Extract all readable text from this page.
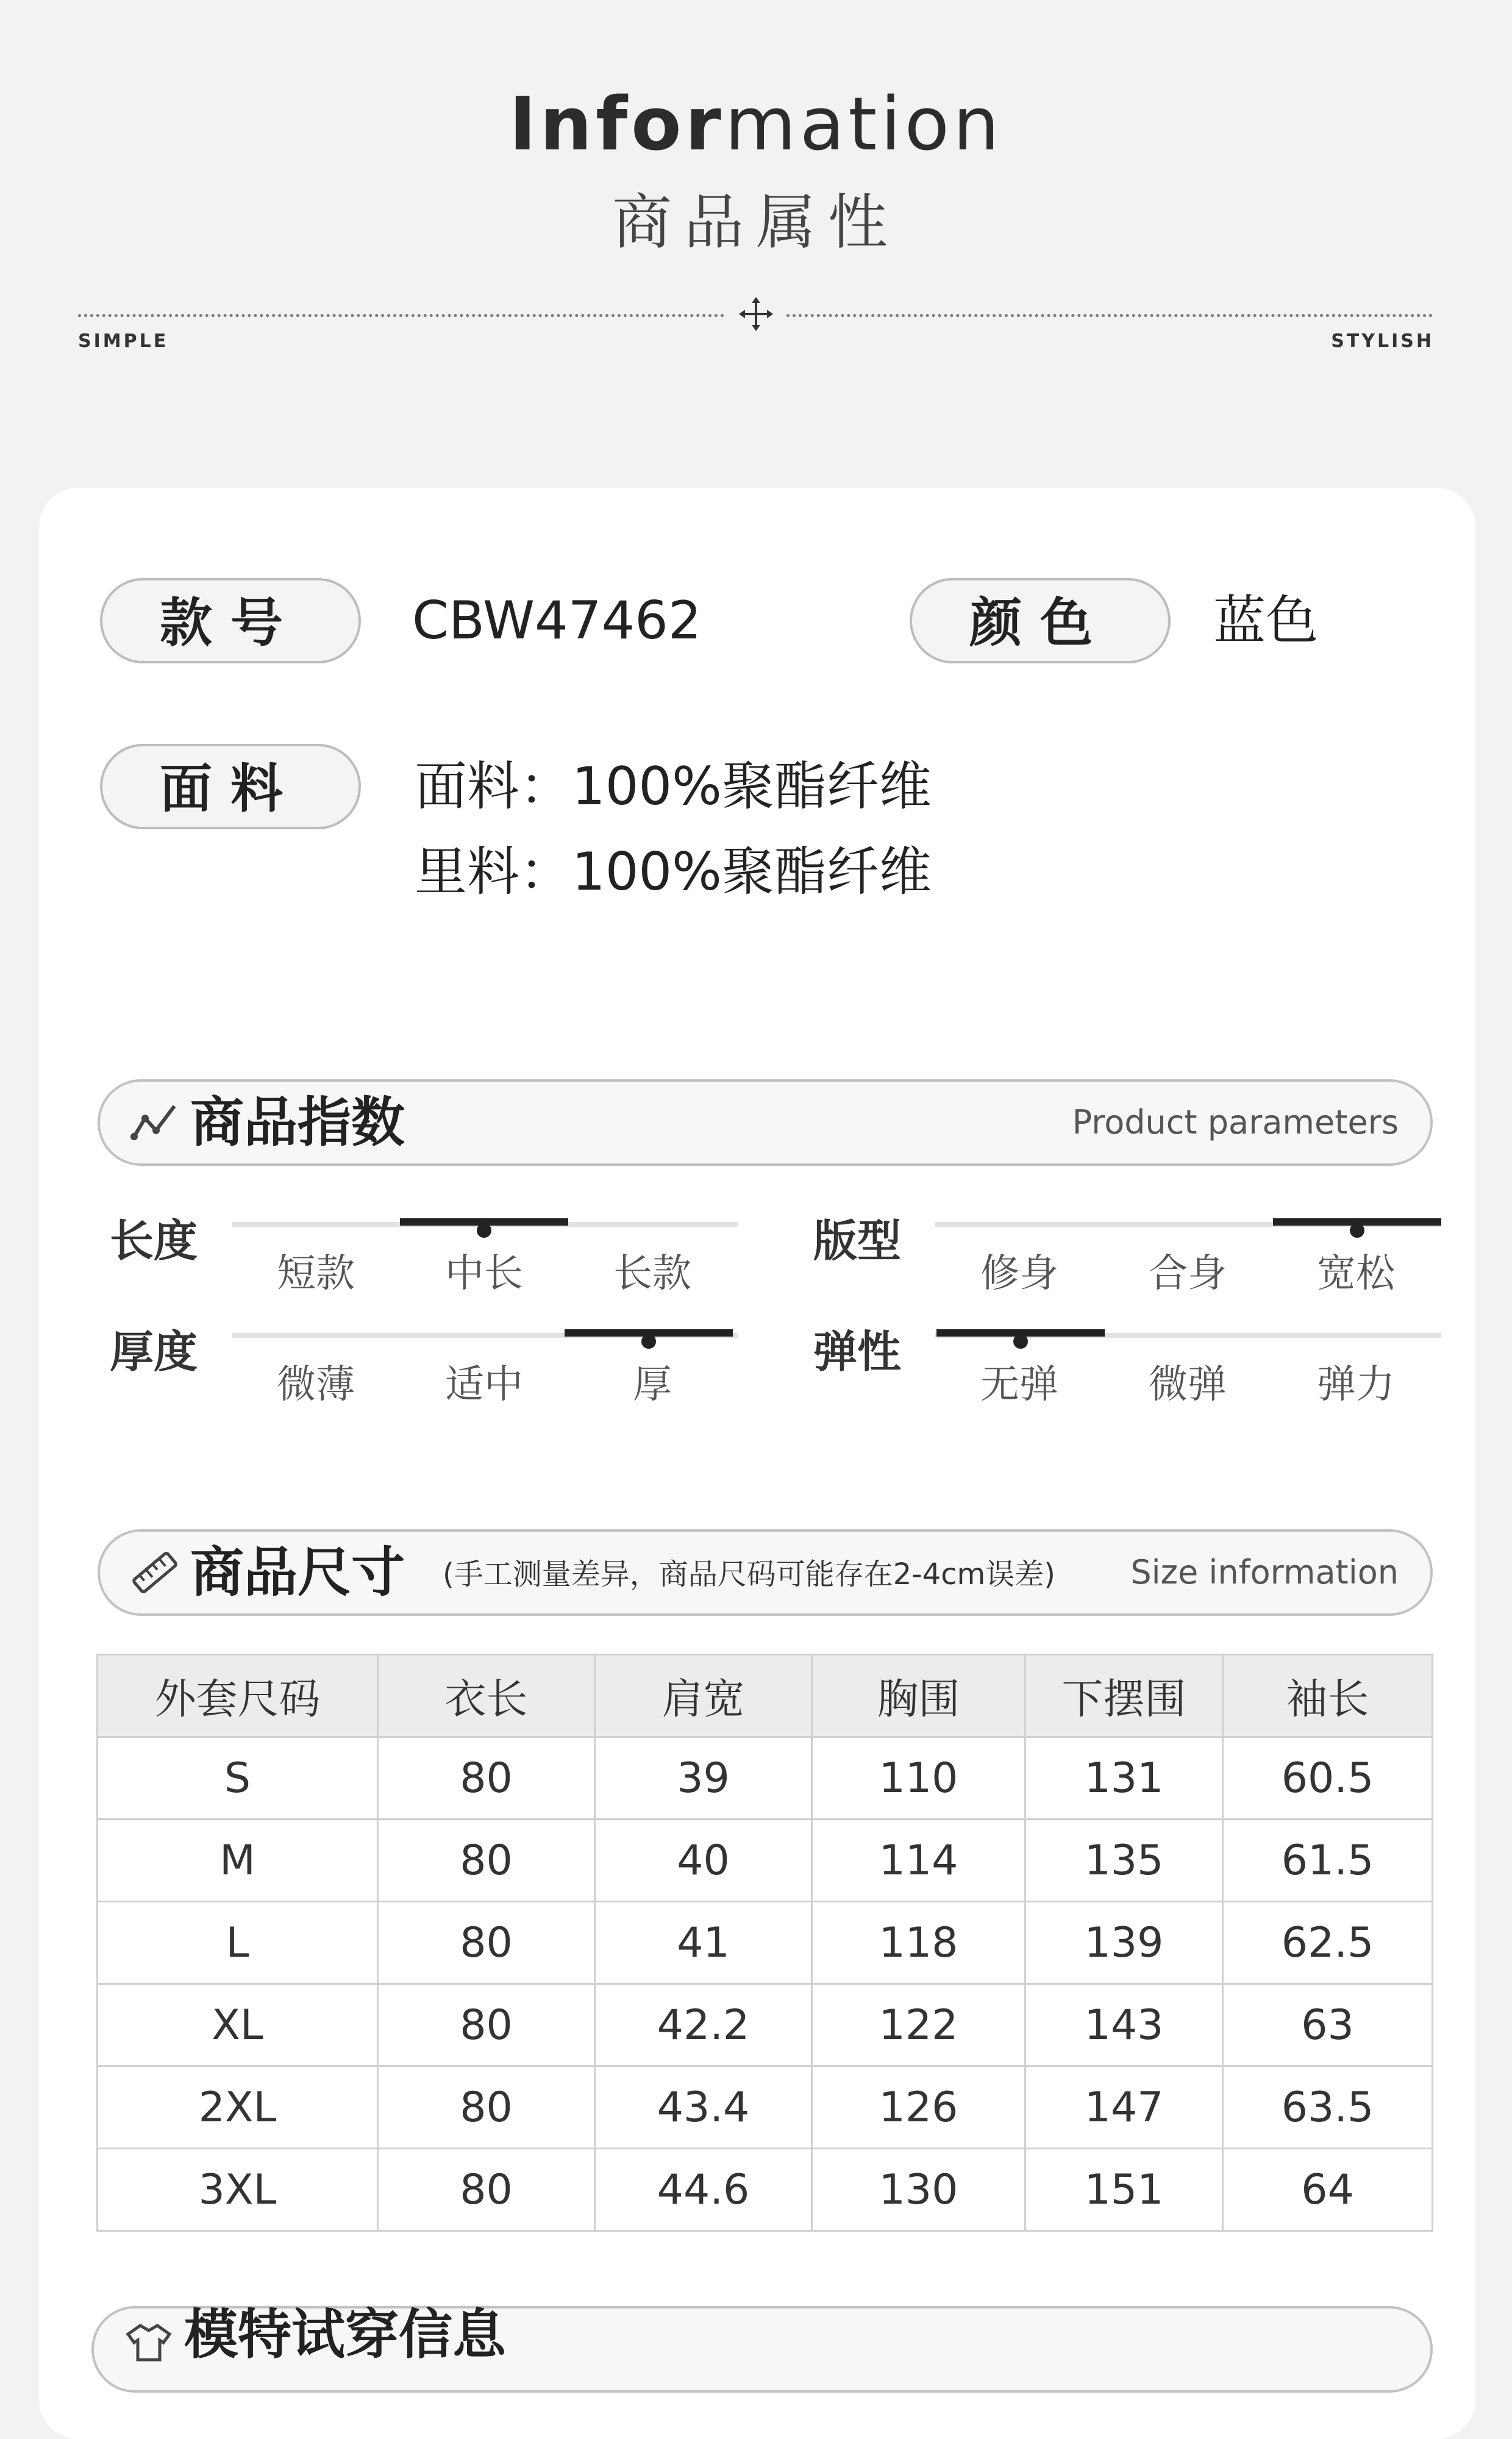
Information
商品属性
SIMPLE	STYLISH
款号	CBW47462	颜色	蓝色
面料	面料：100%聚酯纤维
里料：100%聚酯纤维
商品指数	Product parameters
长度
短款	中长	长款
版型
修身	合身	宽松
厚度
微薄	适中	厚
弹性
无弹	微弹	弹力
商品尺寸 (手工测量差异，商品尺码可能存在2-4cm误差) Size information
外套尺码	衣长	肩宽	胸围	下摆围	袖长
S	80	39	110	131	60.5
M	80	40	114	135	61.5
L	80	41	118	139	62.5
XL	80	42.2	122	143	63
2XL	80	43.4	126	147	63.5
3XL	80	44.6	130	151	64
模特试穿信息
